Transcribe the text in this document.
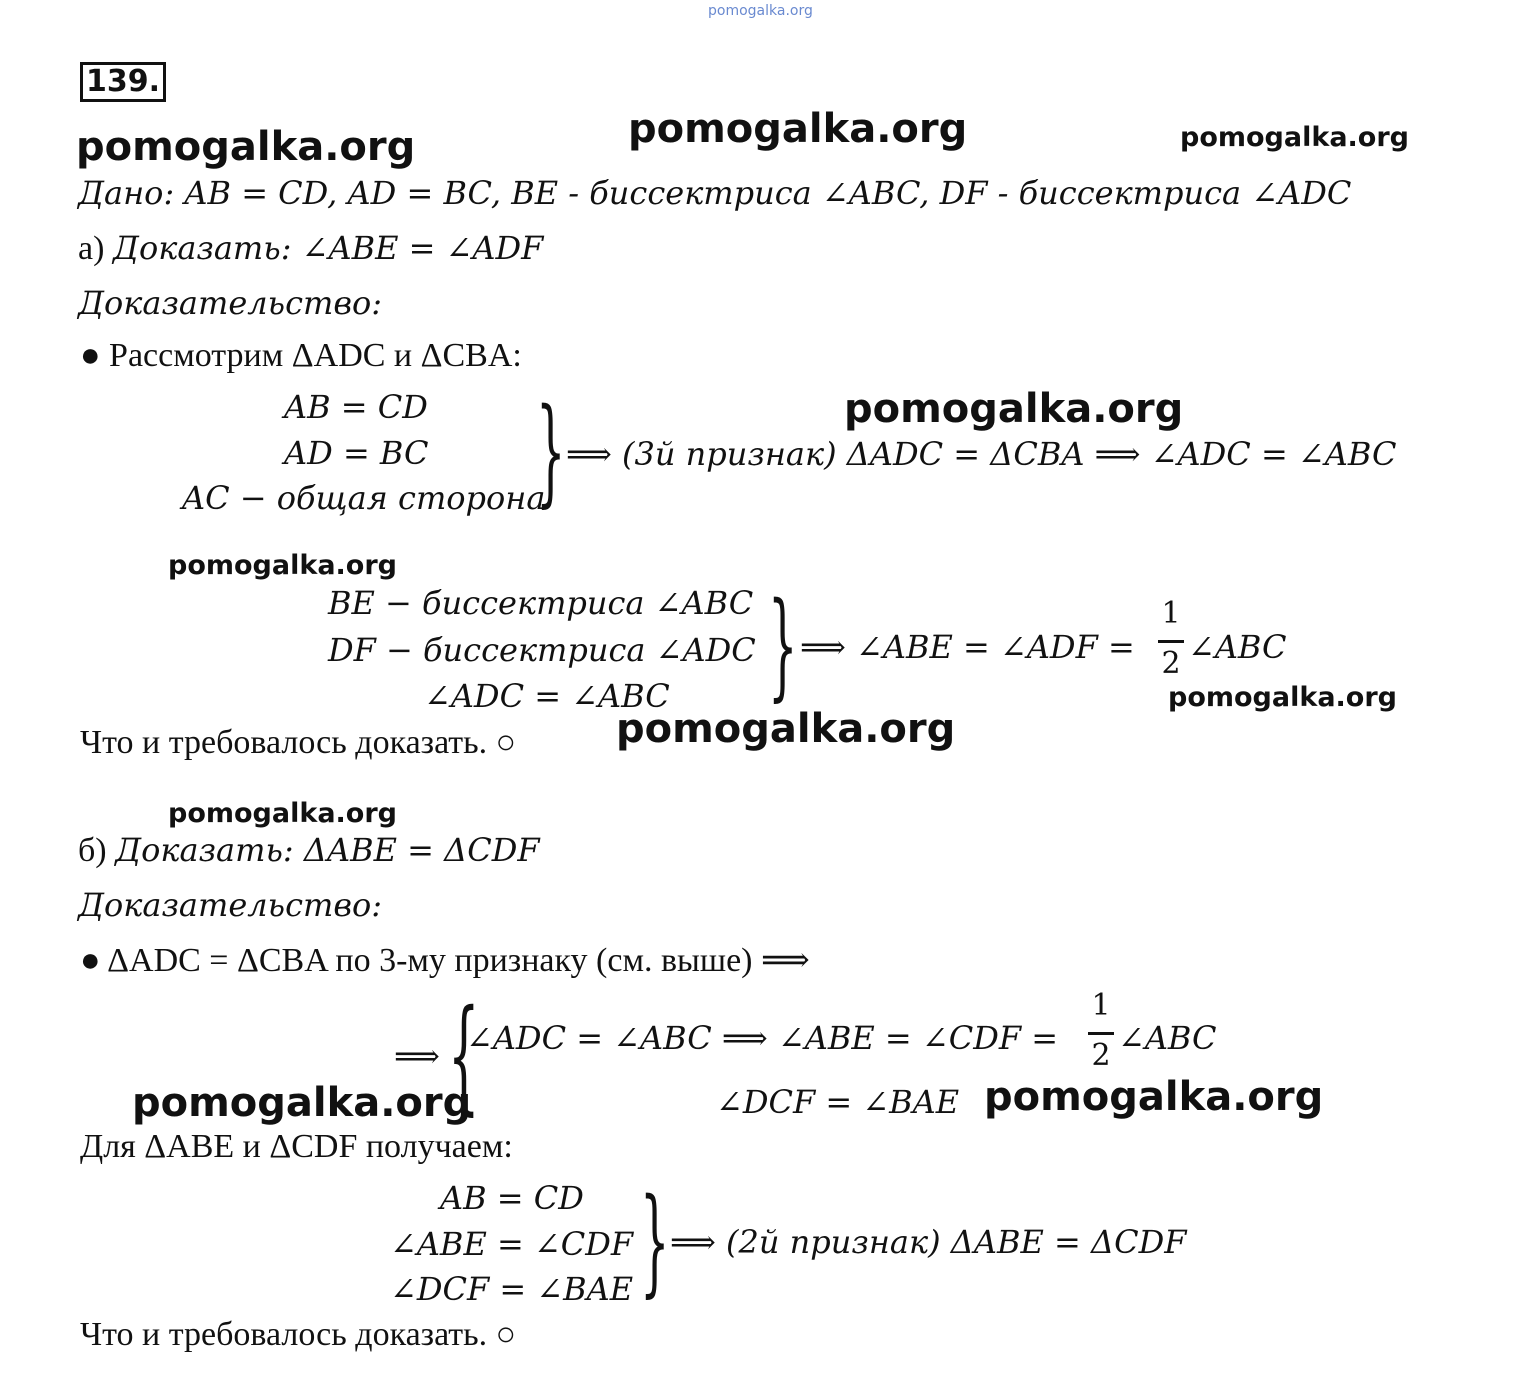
pomogalka.org
139.
pomogalka.org	pomogalka.org	pomogalka.org
pomogalka.org
pomogalka.org
pomogalka.org
pomogalka.org
pomogalka.org
pomogalka.org	pomogalka.org
Дано: AB = CD, AD = BC, BE - биссектриса ∠ABC, DF - биссектриса ∠ADC
а) Доказать: ∠ABE = ∠ADF
Доказательство:
● Рассмотрим ΔADC и ΔCBA:
AB = CD
AD = BC
AC − общая сторона
} ⟹ (3й признак) ΔADC = ΔCBA ⟹ ∠ADC = ∠ABC
BE − биссектриса ∠ABC
DF − биссектриса ∠ADC
∠ADC = ∠ABC } ⟹ ∠ABE = ∠ADF =
1
2 ∠ABC
Что и требовалось доказать. ○
б) Доказать: ΔABE = ΔCDF
Доказательство:
● ΔADC = ΔCBA по 3-му признаку (см. выше) ⟹
⟹ {
∠ADC = ∠ABC ⟹ ∠ABE = ∠CDF =
1
2 ∠ABC
∠DCF = ∠BAE
Для ΔABE и ΔCDF получаем:
AB = CD
∠ABE = ∠CDF
∠DCF = ∠BAE } ⟹ (2й признак) ΔABE = ΔCDF
Что и требовалось доказать. ○
